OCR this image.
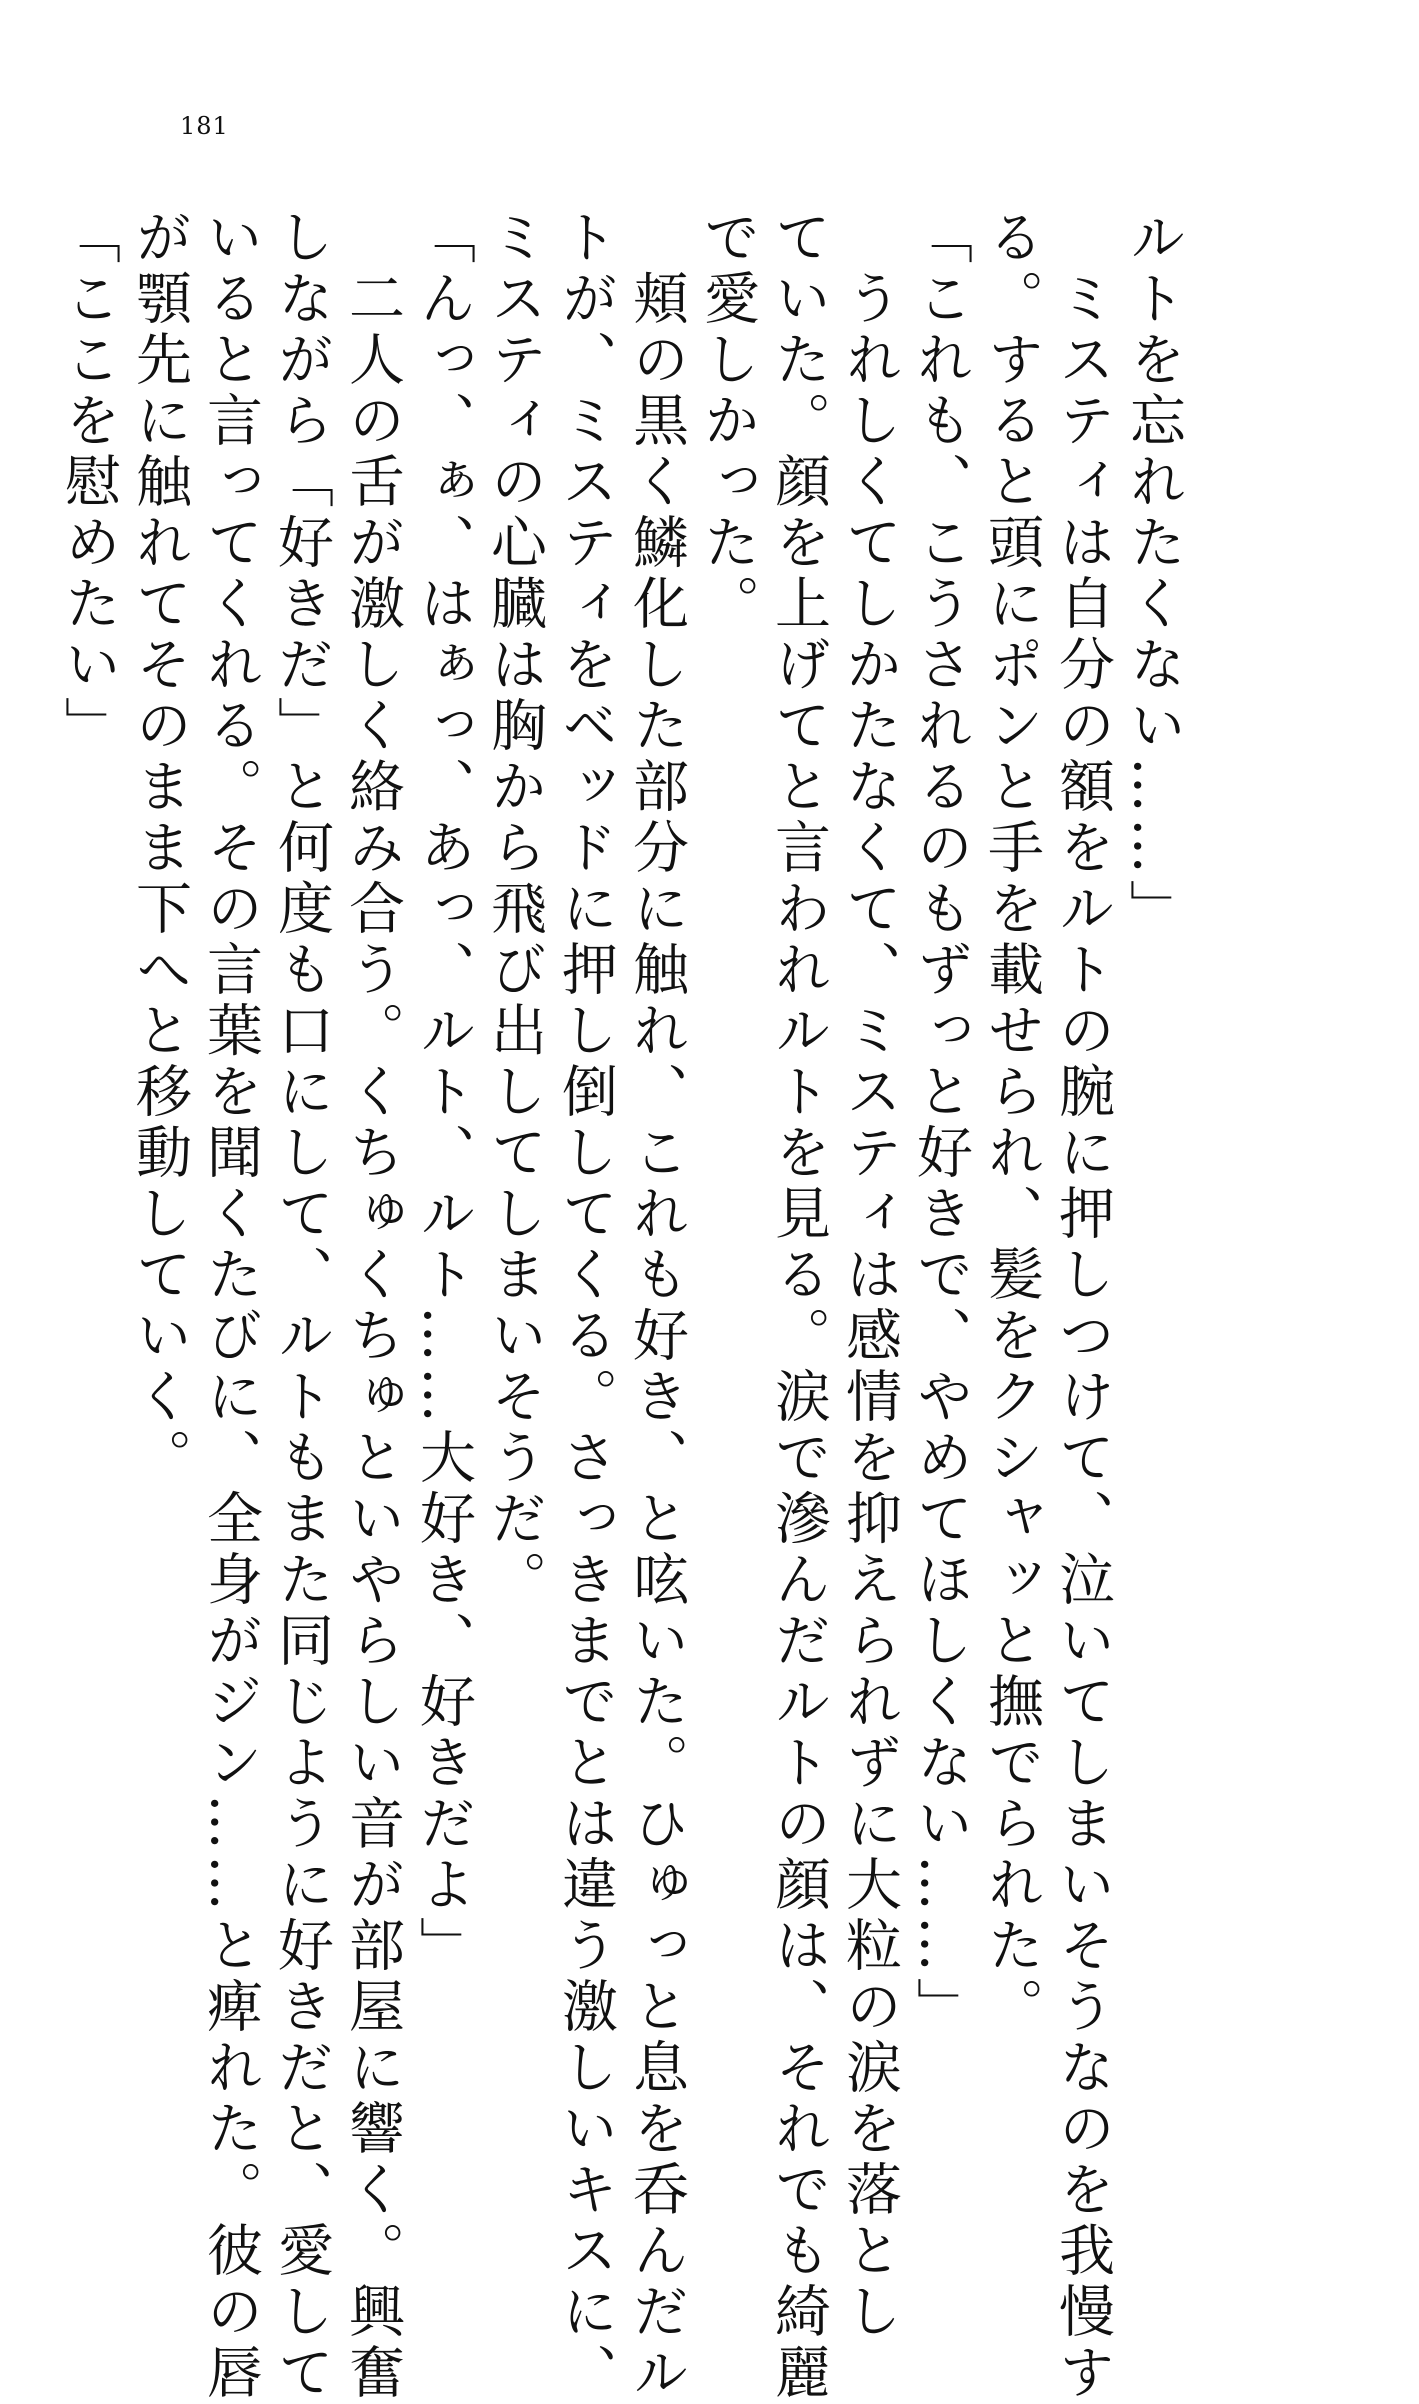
181

ルトを忘れたくない……」

　ミスティは自分の額をルトの腕に押しつけて、泣いてしまいそうなのを我慢す

る。すると頭にポンと手を載せられ、髪をクシャッと撫でられた。

「これも、こうされるのもずっと好きで、やめてほしくない……」

　うれしくてしかたなくて、ミスティは感情を抑えられずに大粒の涙を落とし

ていた。顔を上げてと言われルトを見る。涙で滲んだルトの顔は、それでも綺麗

で愛しかった。

　頬の黒く鱗化した部分に触れ、これも好き、と呟いた。ひゅっと息を呑んだル

トが、ミスティをベッドに押し倒してくる。さっきまでとは違う激しいキスに、

ミスティの心臓は胸から飛び出してしまいそうだ。

「んっ、ぁ、はぁっ、あっ、ルト、ルト……大好き、好きだよ」

　二人の舌が激しく絡み合う。くちゅくちゅといやらしい音が部屋に響く。興奮

しながら「好きだ」と何度も口にして、ルトもまた同じように好きだと、愛して

いると言ってくれる。その言葉を聞くたびに、全身がジン……と痺れた。彼の唇

が顎先に触れてそのまま下へと移動していく。

「ここを慰めたい」
